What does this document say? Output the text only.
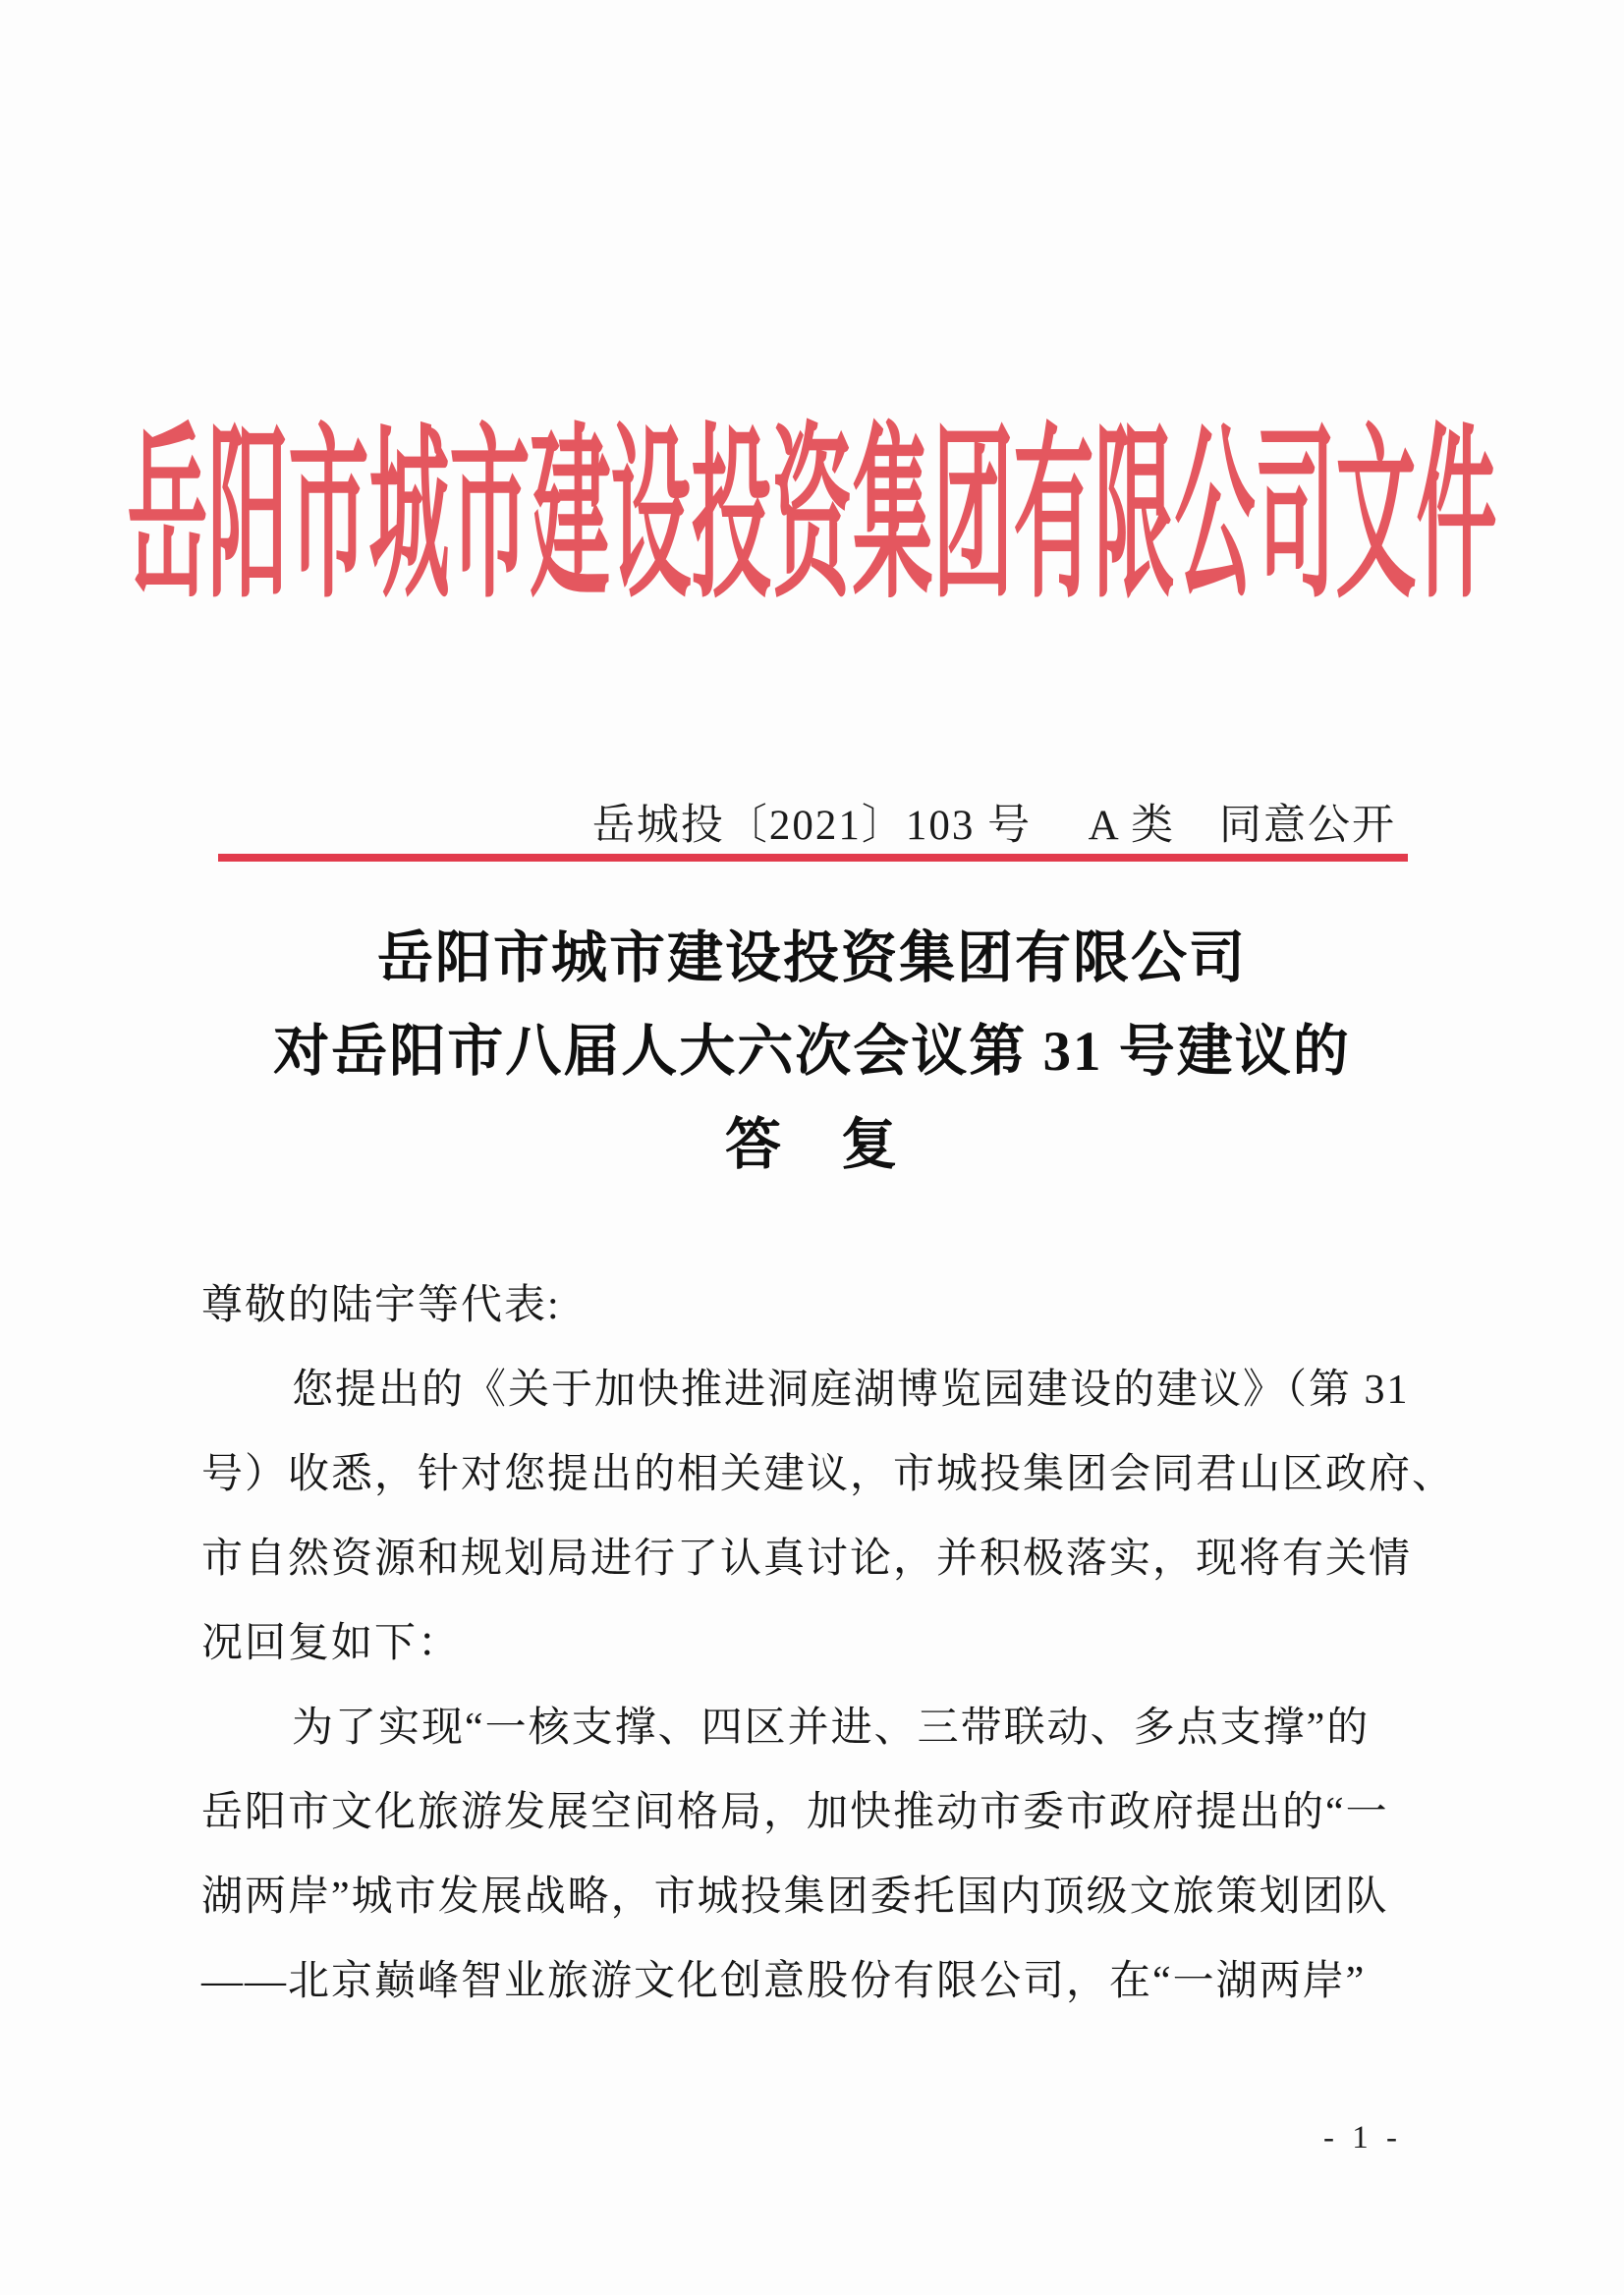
岳阳市城市建设投资集团有限公司文件
岳城投〔2021〕103 号 A 类　同意公开
岳阳市城市建设投资集团有限公司
对岳阳市八届人大六次会议第 31 号建议的
答　复
尊敬的陆宇等代表:
您提出的《关于加快推进洞庭湖博览园建设的建议》（第 31
号）收悉，针对您提出的相关建议，市城投集团会同君山区政府、
市自然资源和规划局进行了认真讨论，并积极落实，现将有关情
况回复如下：
为了实现“一核支撑、四区并进、三带联动、多点支撑”的
岳阳市文化旅游发展空间格局，加快推动市委市政府提出的“一
湖两岸”城市发展战略，市城投集团委托国内顶级文旅策划团队
——北京巅峰智业旅游文化创意股份有限公司，在“一湖两岸”
- 1 -
